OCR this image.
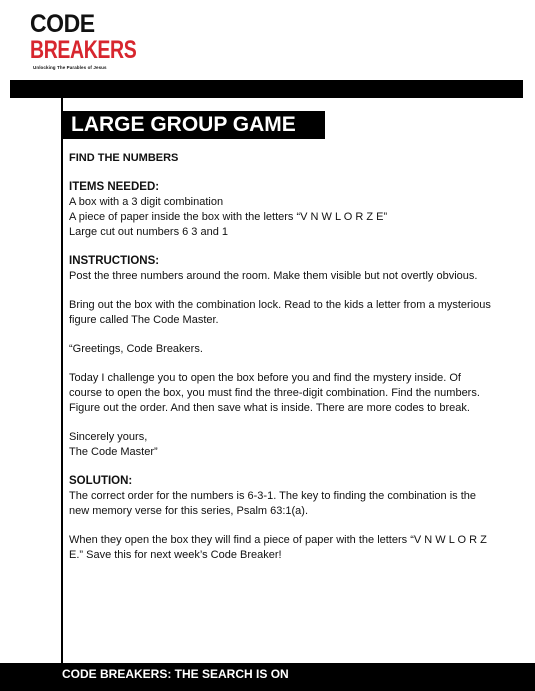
CODE
BREAKERS
Unlocking The Parables of Jesus
LARGE GROUP GAME

FIND THE NUMBERS

ITEMS NEEDED:
A box with a 3 digit combination
A piece of paper inside the box with the letters “V N W L O R Z E”
Large cut out numbers 6 3 and 1

INSTRUCTIONS:
Post the three numbers around the room. Make them visible but not overtly obvious.

Bring out the box with the combination lock. Read to the kids a letter from a mysterious
figure called The Code Master.

“Greetings, Code Breakers.

Today I challenge you to open the box before you and find the mystery inside. Of
course to open the box, you must find the three-digit combination. Find the numbers.
Figure out the order. And then save what is inside. There are more codes to break.

Sincerely yours,
The Code Master”

SOLUTION:
The correct order for the numbers is 6-3-1. The key to finding the combination is the
new memory verse for this series, Psalm 63:1(a).

When they open the box they will find a piece of paper with the letters “V N W L O R Z
E.” Save this for next week’s Code Breaker!

CODE BREAKERS: THE SEARCH IS ON
